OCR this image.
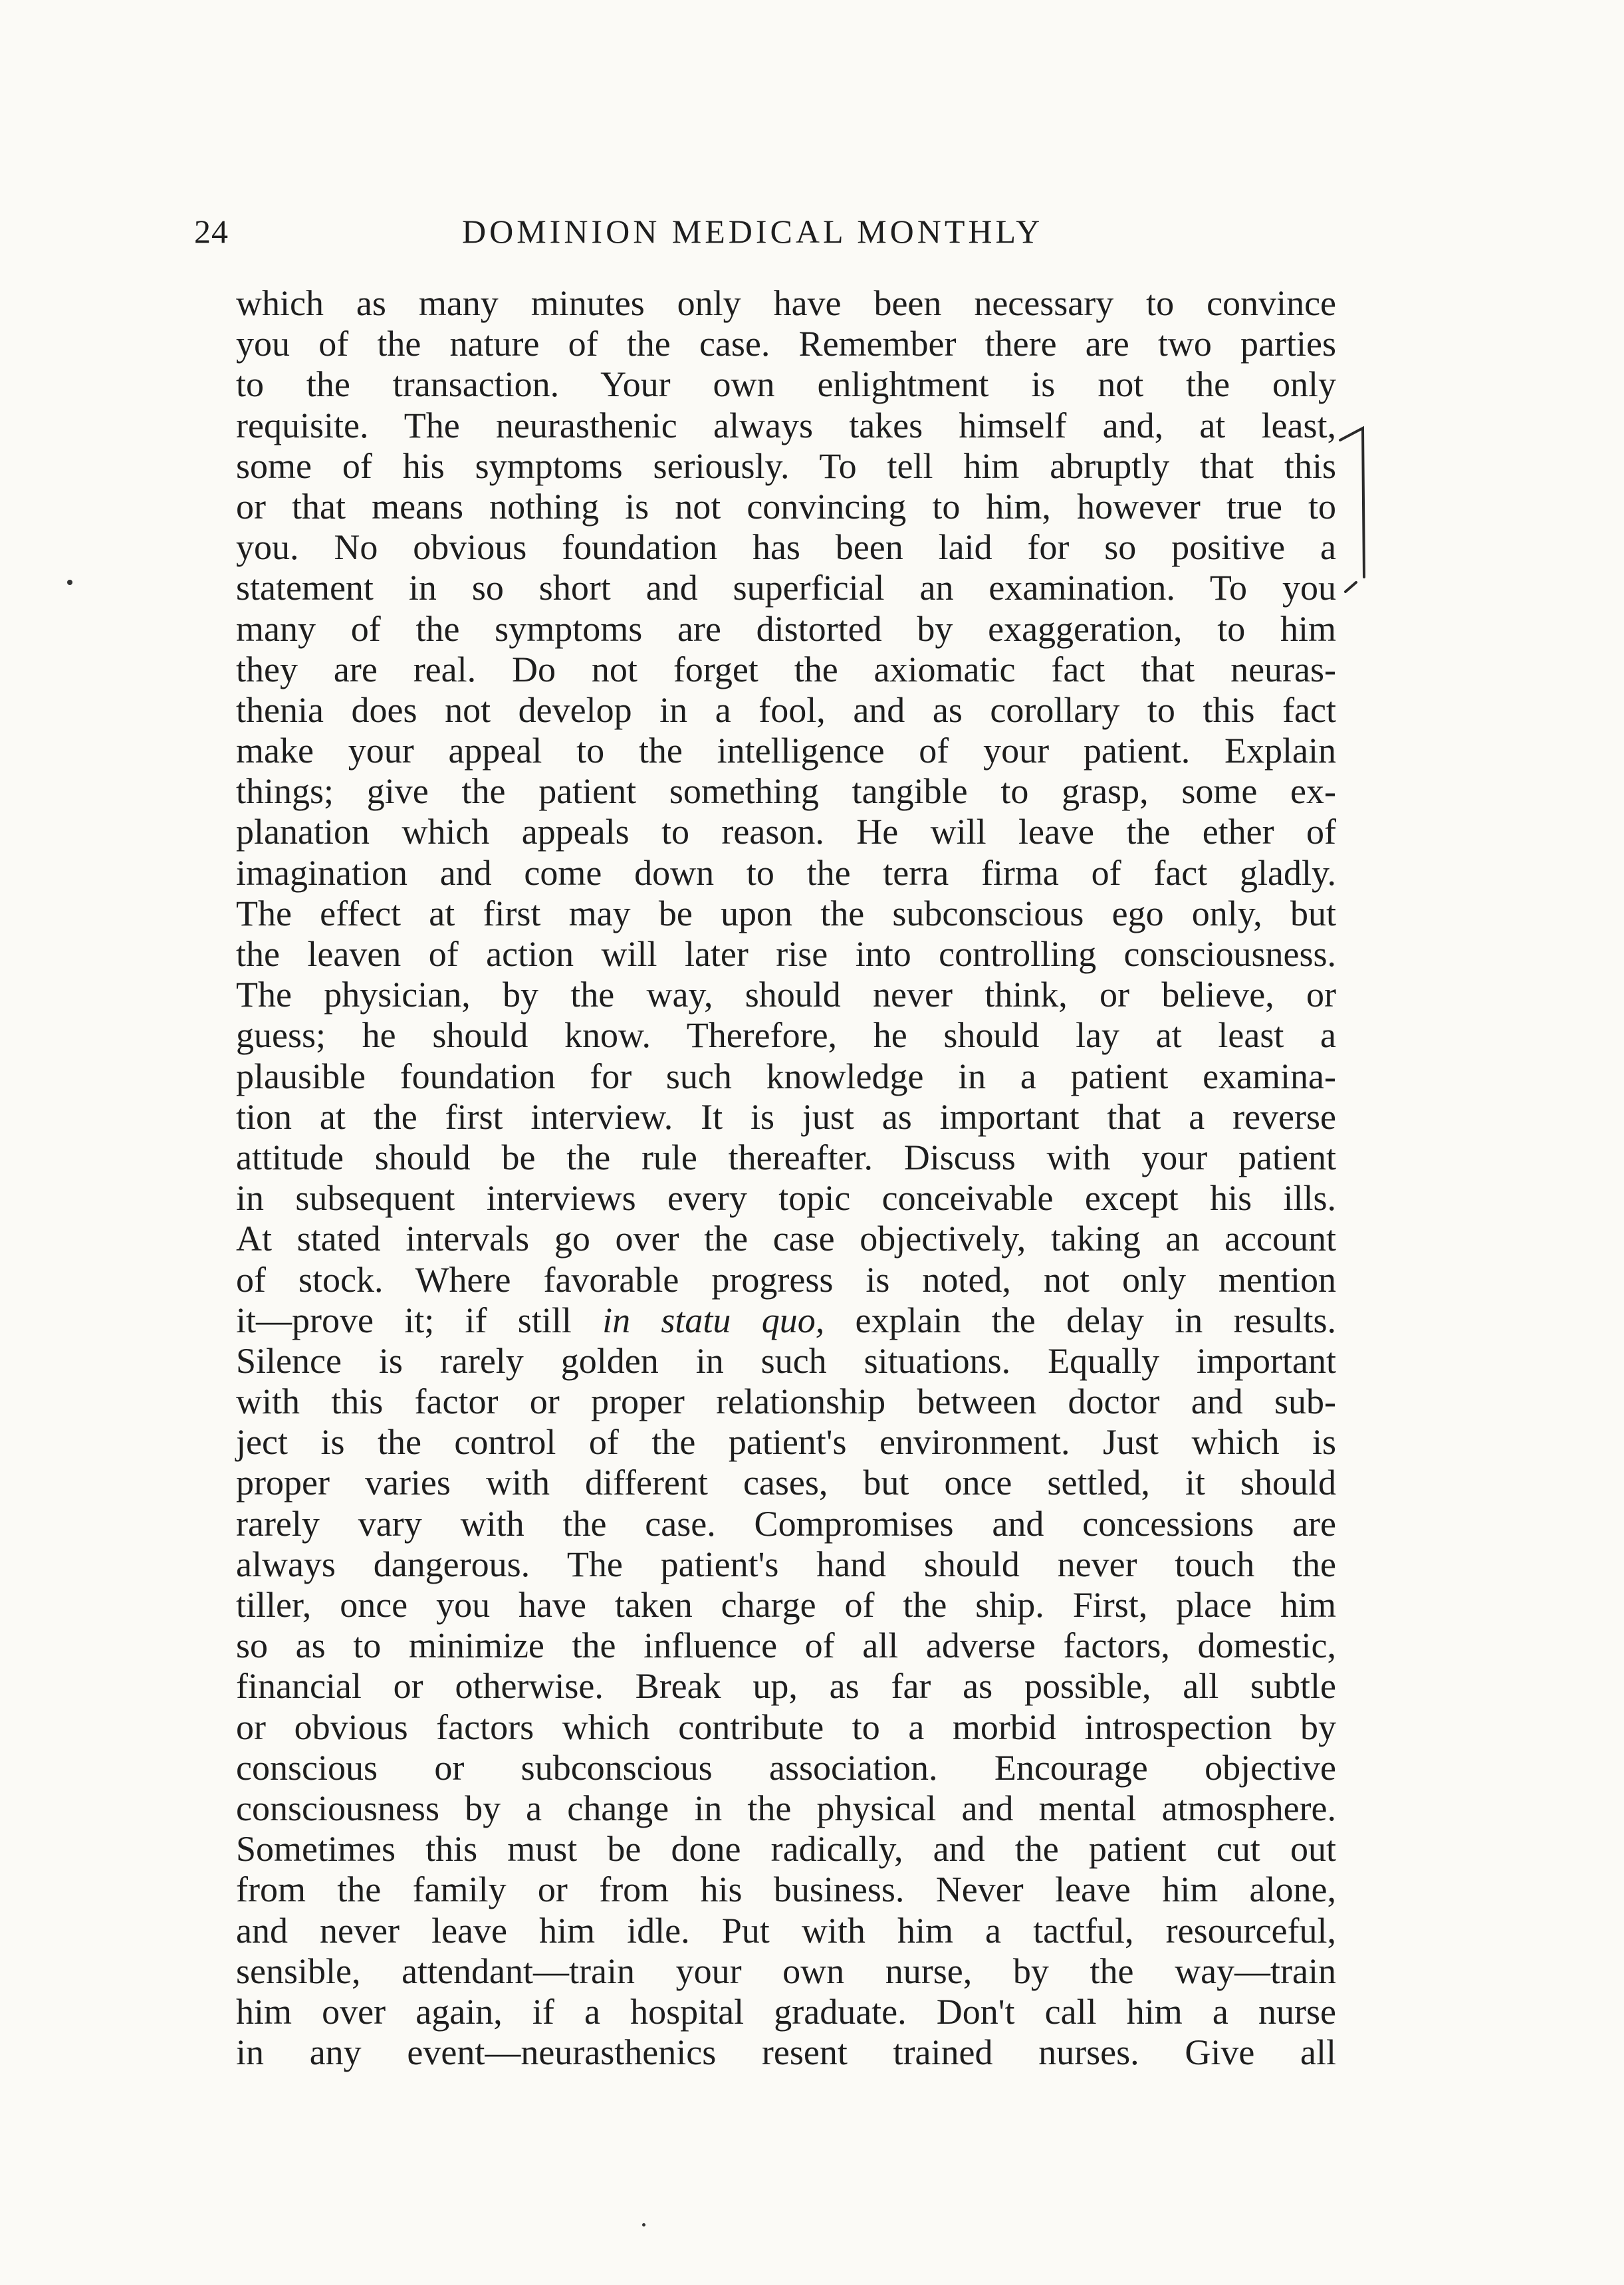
24	DOMINION MEDICAL MONTHLY
which as many minutes only have been necessary to convince
you of the nature of the case. Remember there are two parties
to the transaction. Your own enlightment is not the only
requisite. The neurasthenic always takes himself and, at least,
some of his symptoms seriously. To tell him abruptly that this
or that means nothing is not convincing to him, however true to
you. No obvious foundation has been laid for so positive a
statement in so short and superficial an examination. To you
many of the symptoms are distorted by exaggeration, to him
they are real. Do not forget the axiomatic fact that neuras-
thenia does not develop in a fool, and as corollary to this fact
make your appeal to the intelligence of your patient. Explain
things; give the patient something tangible to grasp, some ex-
planation which appeals to reason. He will leave the ether of
imagination and come down to the terra firma of fact gladly.
The effect at first may be upon the subconscious ego only, but
the leaven of action will later rise into controlling consciousness.
The physician, by the way, should never think, or believe, or
guess; he should know. Therefore, he should lay at least a
plausible foundation for such knowledge in a patient examina-
tion at the first interview. It is just as important that a reverse
attitude should be the rule thereafter. Discuss with your patient
in subsequent interviews every topic conceivable except his ills.
At stated intervals go over the case objectively, taking an account
of stock. Where favorable progress is noted, not only mention
it—prove it; if still in statu quo, explain the delay in results.
Silence is rarely golden in such situations. Equally important
with this factor or proper relationship between doctor and sub-
ject is the control of the patient's environment. Just which is
proper varies with different cases, but once settled, it should
rarely vary with the case. Compromises and concessions are
always dangerous. The patient's hand should never touch the
tiller, once you have taken charge of the ship. First, place him
so as to minimize the influence of all adverse factors, domestic,
financial or otherwise. Break up, as far as possible, all subtle
or obvious factors which contribute to a morbid introspection by
conscious or subconscious association. Encourage objective
consciousness by a change in the physical and mental atmosphere.
Sometimes this must be done radically, and the patient cut out
from the family or from his business. Never leave him alone,
and never leave him idle. Put with him a tactful, resourceful,
sensible, attendant—train your own nurse, by the way—train
him over again, if a hospital graduate. Don't call him a nurse
in any event—neurasthenics resent trained nurses. Give all
